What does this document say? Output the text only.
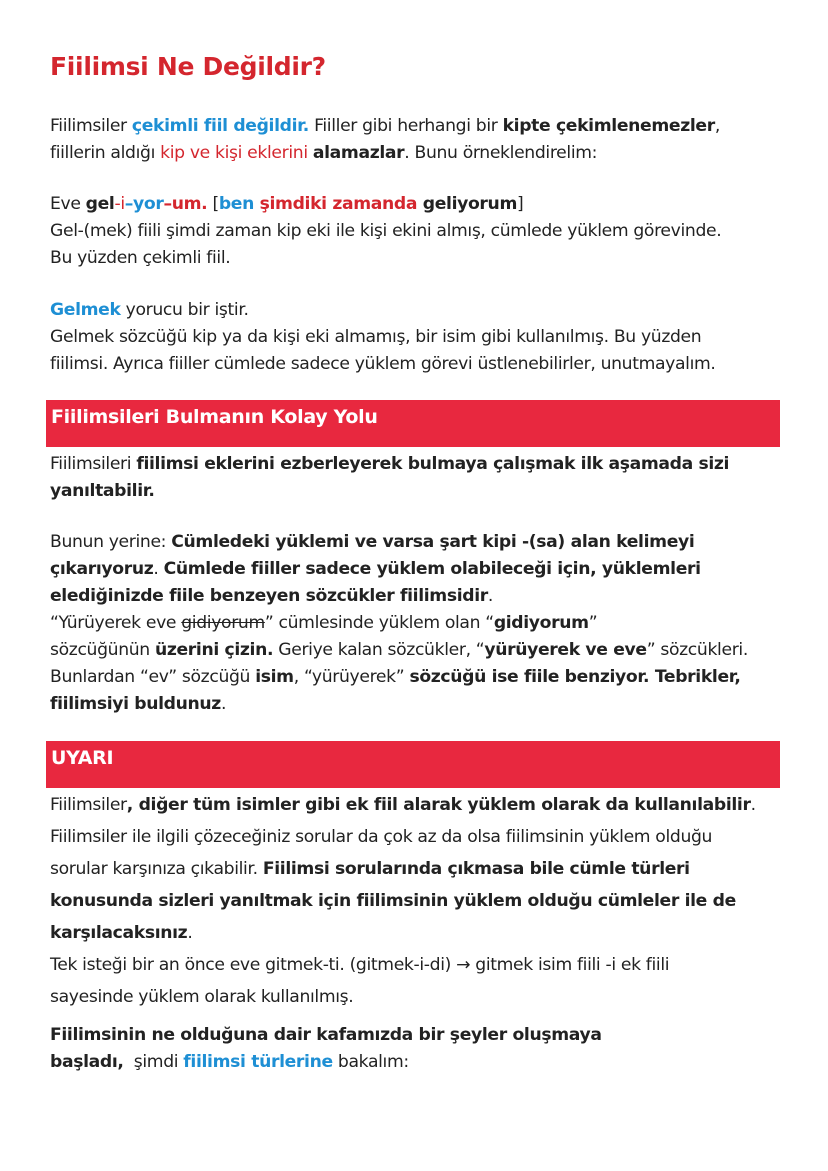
Fiilimsi Ne Değildir?
Fiilimsiler çekimli fiil değildir. Fiiller gibi herhangi bir kipte çekimlenemezler,
fiillerin aldığı kip ve kişi eklerini alamazlar. Bunu örneklendirelim:
Eve gel-i–yor–um. [ben şimdiki zamanda geliyorum]
Gel-(mek) fiili şimdi zaman kip eki ile kişi ekini almış, cümlede yüklem görevinde.
Bu yüzden çekimli fiil.
Gelmek yorucu bir iştir.
Gelmek sözcüğü kip ya da kişi eki almamış, bir isim gibi kullanılmış. Bu yüzden
fiilimsi. Ayrıca fiiller cümlede sadece yüklem görevi üstlenebilirler, unutmayalım.
Fiilimsileri Bulmanın Kolay Yolu
Fiilimsileri fiilimsi eklerini ezberleyerek bulmaya çalışmak ilk aşamada sizi
yanıltabilir.
Bunun yerine: Cümledeki yüklemi ve varsa şart kipi -(sa) alan kelimeyi
çıkarıyoruz. Cümlede fiiller sadece yüklem olabileceği için, yüklemleri
elediğinizde fiile benzeyen sözcükler fiilimsidir.
“Yürüyerek eve gidiyorum” cümlesinde yüklem olan “gidiyorum”
sözcüğünün üzerini çizin. Geriye kalan sözcükler, “yürüyerek ve eve” sözcükleri.
Bunlardan “ev” sözcüğü isim, “yürüyerek” sözcüğü ise fiile benziyor. Tebrikler,
fiilimsiyi buldunuz.
UYARI
Fiilimsiler, diğer tüm isimler gibi ek fiil alarak yüklem olarak da kullanılabilir.
Fiilimsiler ile ilgili çözeceğiniz sorular da çok az da olsa fiilimsinin yüklem olduğu
sorular karşınıza çıkabilir. Fiilimsi sorularında çıkmasa bile cümle türleri
konusunda sizleri yanıltmak için fiilimsinin yüklem olduğu cümleler ile de
karşılacaksınız.
Tek isteği bir an önce eve gitmek-ti. (gitmek-i-di) → gitmek isim fiili -i ek fiili
sayesinde yüklem olarak kullanılmış.
Fiilimsinin ne olduğuna dair kafamızda bir şeyler oluşmaya
başladı,  şimdi fiilimsi türlerine bakalım:
